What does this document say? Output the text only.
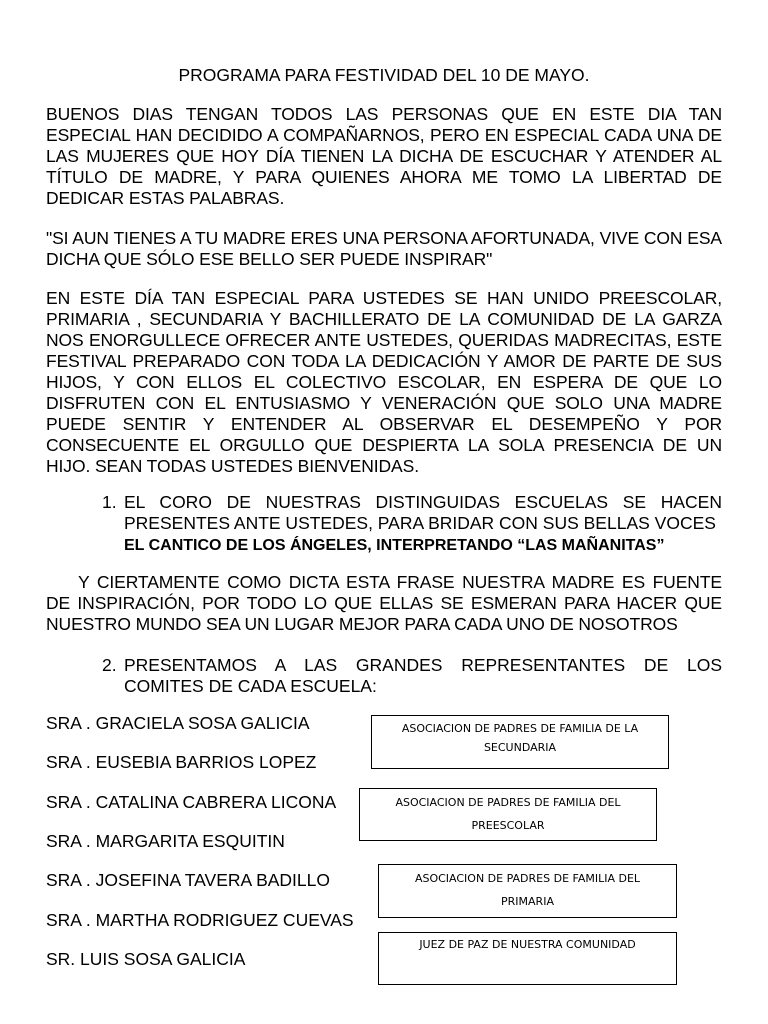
PROGRAMA PARA FESTIVIDAD DEL 10 DE MAYO.
BUENOS DIAS TENGAN TODOS LAS PERSONAS QUE EN ESTE DIA TAN ESPECIAL HAN DECIDIDO A COMPAÑARNOS, PERO EN ESPECIAL CADA UNA DE LAS MUJERES QUE HOY DÍA TIENEN LA DICHA DE ESCUCHAR Y ATENDER AL TÍTULO DE MADRE, Y PARA QUIENES AHORA ME TOMO LA LIBERTAD DE DEDICAR ESTAS PALABRAS.
"SI AUN TIENES A TU MADRE ERES UNA PERSONA AFORTUNADA, VIVE CON ESA DICHA QUE SÓLO ESE BELLO SER PUEDE INSPIRAR"
EN ESTE DÍA TAN ESPECIAL PARA USTEDES SE HAN UNIDO PREESCOLAR, PRIMARIA , SECUNDARIA Y BACHILLERATO DE LA COMUNIDAD DE LA GARZA NOS ENORGULLECE OFRECER ANTE USTEDES, QUERIDAS MADRECITAS, ESTE FESTIVAL PREPARADO CON TODA LA DEDICACIÓN Y AMOR DE PARTE DE SUS HIJOS, Y CON ELLOS EL COLECTIVO ESCOLAR, EN ESPERA DE QUE LO DISFRUTEN CON EL ENTUSIASMO Y VENERACIÓN QUE SOLO UNA MADRE PUEDE SENTIR Y ENTENDER AL OBSERVAR EL DESEMPEÑO Y POR CONSECUENTE EL ORGULLO QUE DESPIERTA LA SOLA PRESENCIA DE UN HIJO. SEAN TODAS USTEDES BIENVENIDAS.
1. EL CORO DE NUESTRAS DISTINGUIDAS ESCUELAS SE HACEN PRESENTES ANTE USTEDES, PARA BRIDAR CON SUS BELLAS VOCES
EL CANTICO DE LOS ÁNGELES, INTERPRETANDO “LAS MAÑANITAS”
Y CIERTAMENTE COMO DICTA ESTA FRASE NUESTRA MADRE ES FUENTE DE INSPIRACIÓN, POR TODO LO QUE ELLAS SE ESMERAN PARA HACER QUE NUESTRO MUNDO SEA UN LUGAR MEJOR PARA CADA UNO DE NOSOTROS
2. PRESENTAMOS A LAS GRANDES REPRESENTANTES DE LOS COMITES DE CADA ESCUELA:
SRA . GRACIELA SOSA GALICIA
SRA . EUSEBIA BARRIOS LOPEZ
SRA . CATALINA CABRERA LICONA
SRA . MARGARITA ESQUITIN
SRA . JOSEFINA TAVERA BADILLO
SRA . MARTHA RODRIGUEZ CUEVAS
SR. LUIS SOSA GALICIA
ASOCIACION DE PADRES DE FAMILIA DE LA
SECUNDARIA
ASOCIACION DE PADRES DE FAMILIA DEL
PREESCOLAR
ASOCIACION DE PADRES DE FAMILIA DEL
PRIMARIA
JUEZ DE PAZ DE NUESTRA COMUNIDAD
